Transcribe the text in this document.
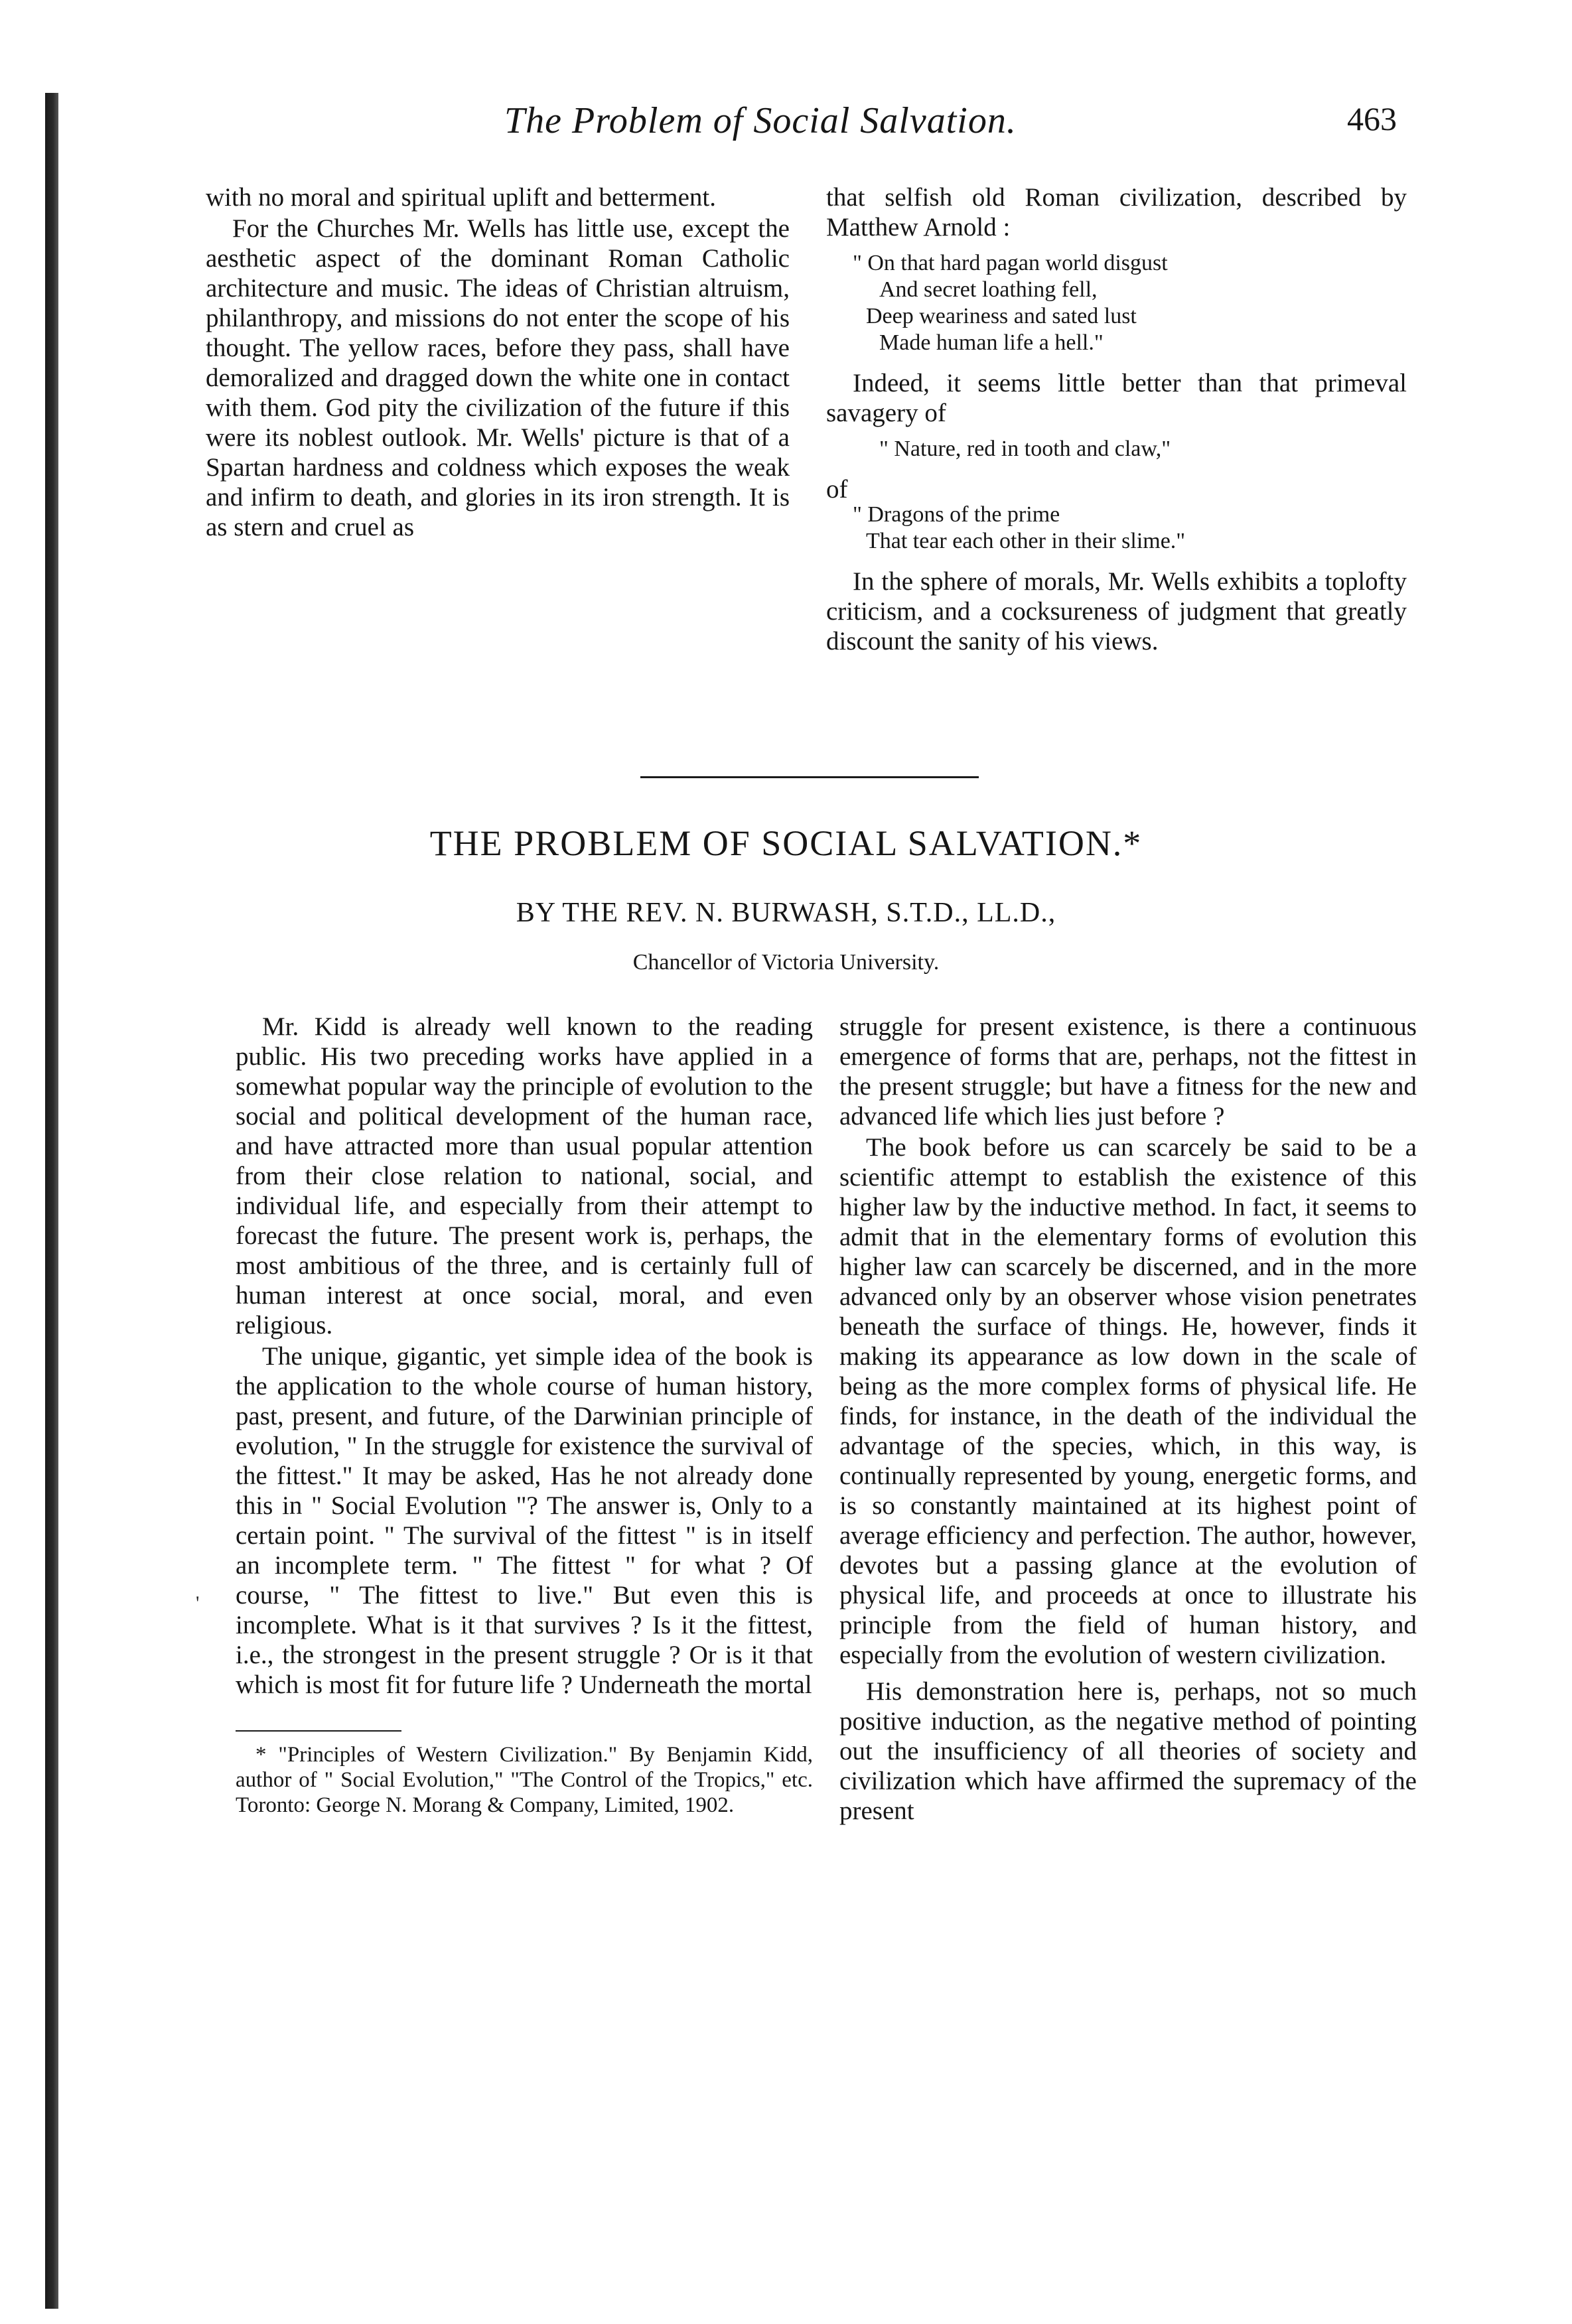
The Problem of Social Salvation.	463

with no moral and spiritual uplift and betterment.

For the Churches Mr. Wells has little use, except the aesthetic aspect of the dominant Roman Catholic architecture and music. The ideas of Christian altruism, philanthropy, and missions do not enter the scope of his thought. The yellow races, before they pass, shall have demoralized and dragged down the white one in contact with them. God pity the civilization of the future if this were its noblest outlook. Mr. Wells' picture is that of a Spartan hardness and coldness which exposes the weak and infirm to death, and glories in its iron strength. It is as stern and cruel as

that selfish old Roman civilization, described by Matthew Arnold :

" On that hard pagan world disgust
And secret loathing fell,
Deep weariness and sated lust
Made human life a hell."

Indeed, it seems little better than that primeval savagery of

" Nature, red in tooth and claw,"

of

" Dragons of the prime
That tear each other in their slime."

In the sphere of morals, Mr. Wells exhibits a toplofty criticism, and a cocksureness of judgment that greatly discount the sanity of his views.

THE PROBLEM OF SOCIAL SALVATION.*
BY THE REV. N. BURWASH, S.T.D., LL.D.,
Chancellor of Victoria University.

Mr. Kidd is already well known to the reading public. His two preceding works have applied in a somewhat popular way the principle of evolution to the social and political development of the human race, and have attracted more than usual popular attention from their close relation to national, social, and individual life, and especially from their attempt to forecast the future. The present work is, perhaps, the most ambitious of the three, and is certainly full of human interest at once social, moral, and even religious.

The unique, gigantic, yet simple idea of the book is the application to the whole course of human history, past, present, and future, of the Darwinian principle of evolution, " In the struggle for existence the survival of the fittest." It may be asked, Has he not already done this in " Social Evolution "? The answer is, Only to a certain point. " The survival of the fittest " is in itself an incomplete term. " The fittest " for what ? Of course, " The fittest to live." But even this is incomplete. What is it that survives ? Is it the fittest, i.e., the strongest in the present struggle ? Or is it that which is most fit for future life ? Underneath the mortal

* "Principles of Western Civilization." By Benjamin Kidd, author of " Social Evolution," "The Control of the Tropics," etc. Toronto: George N. Morang & Company, Limited, 1902.

struggle for present existence, is there a continuous emergence of forms that are, perhaps, not the fittest in the present struggle; but have a fitness for the new and advanced life which lies just before ?

The book before us can scarcely be said to be a scientific attempt to establish the existence of this higher law by the inductive method. In fact, it seems to admit that in the elementary forms of evolution this higher law can scarcely be discerned, and in the more advanced only by an observer whose vision penetrates beneath the surface of things. He, however, finds it making its appearance as low down in the scale of being as the more complex forms of physical life. He finds, for instance, in the death of the individual the advantage of the species, which, in this way, is continually represented by young, energetic forms, and is so constantly maintained at its highest point of average efficiency and perfection. The author, however, devotes but a passing glance at the evolution of physical life, and proceeds at once to illustrate his principle from the field of human history, and especially from the evolution of western civilization.

His demonstration here is, perhaps, not so much positive induction, as the negative method of pointing out the insufficiency of all theories of society and civilization which have affirmed the supremacy of the present

'
